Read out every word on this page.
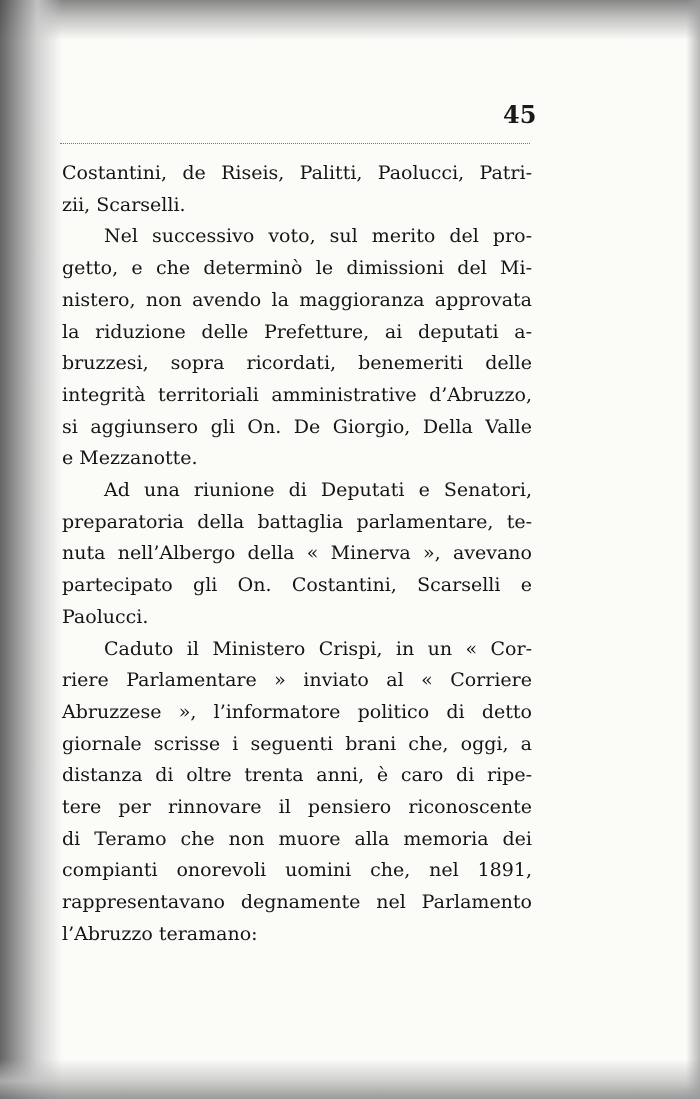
45
Costantini, de Riseis, Palitti, Paolucci, Patri-
zii, Scarselli.
Nel successivo voto, sul merito del pro-
getto, e che determinò le dimissioni del Mi-
nistero, non avendo la maggioranza approvata
la riduzione delle Prefetture, ai deputati a-
bruzzesi, sopra ricordati, benemeriti delle
integrità territoriali amministrative d’Abruzzo,
si aggiunsero gli On. De Giorgio, Della Valle
e Mezzanotte.
Ad una riunione di Deputati e Senatori,
preparatoria della battaglia parlamentare, te-
nuta nell’Albergo della « Minerva », avevano
partecipato gli On. Costantini, Scarselli e
Paolucci.
Caduto il Ministero Crispi, in un « Cor-
riere Parlamentare » inviato al « Corriere
Abruzzese », l’informatore politico di detto
giornale scrisse i seguenti brani che, oggi, a
distanza di oltre trenta anni, è caro di ripe-
tere per rinnovare il pensiero riconoscente
di Teramo che non muore alla memoria dei
compianti onorevoli uomini che, nel 1891,
rappresentavano degnamente nel Parlamento
l’Abruzzo teramano:
